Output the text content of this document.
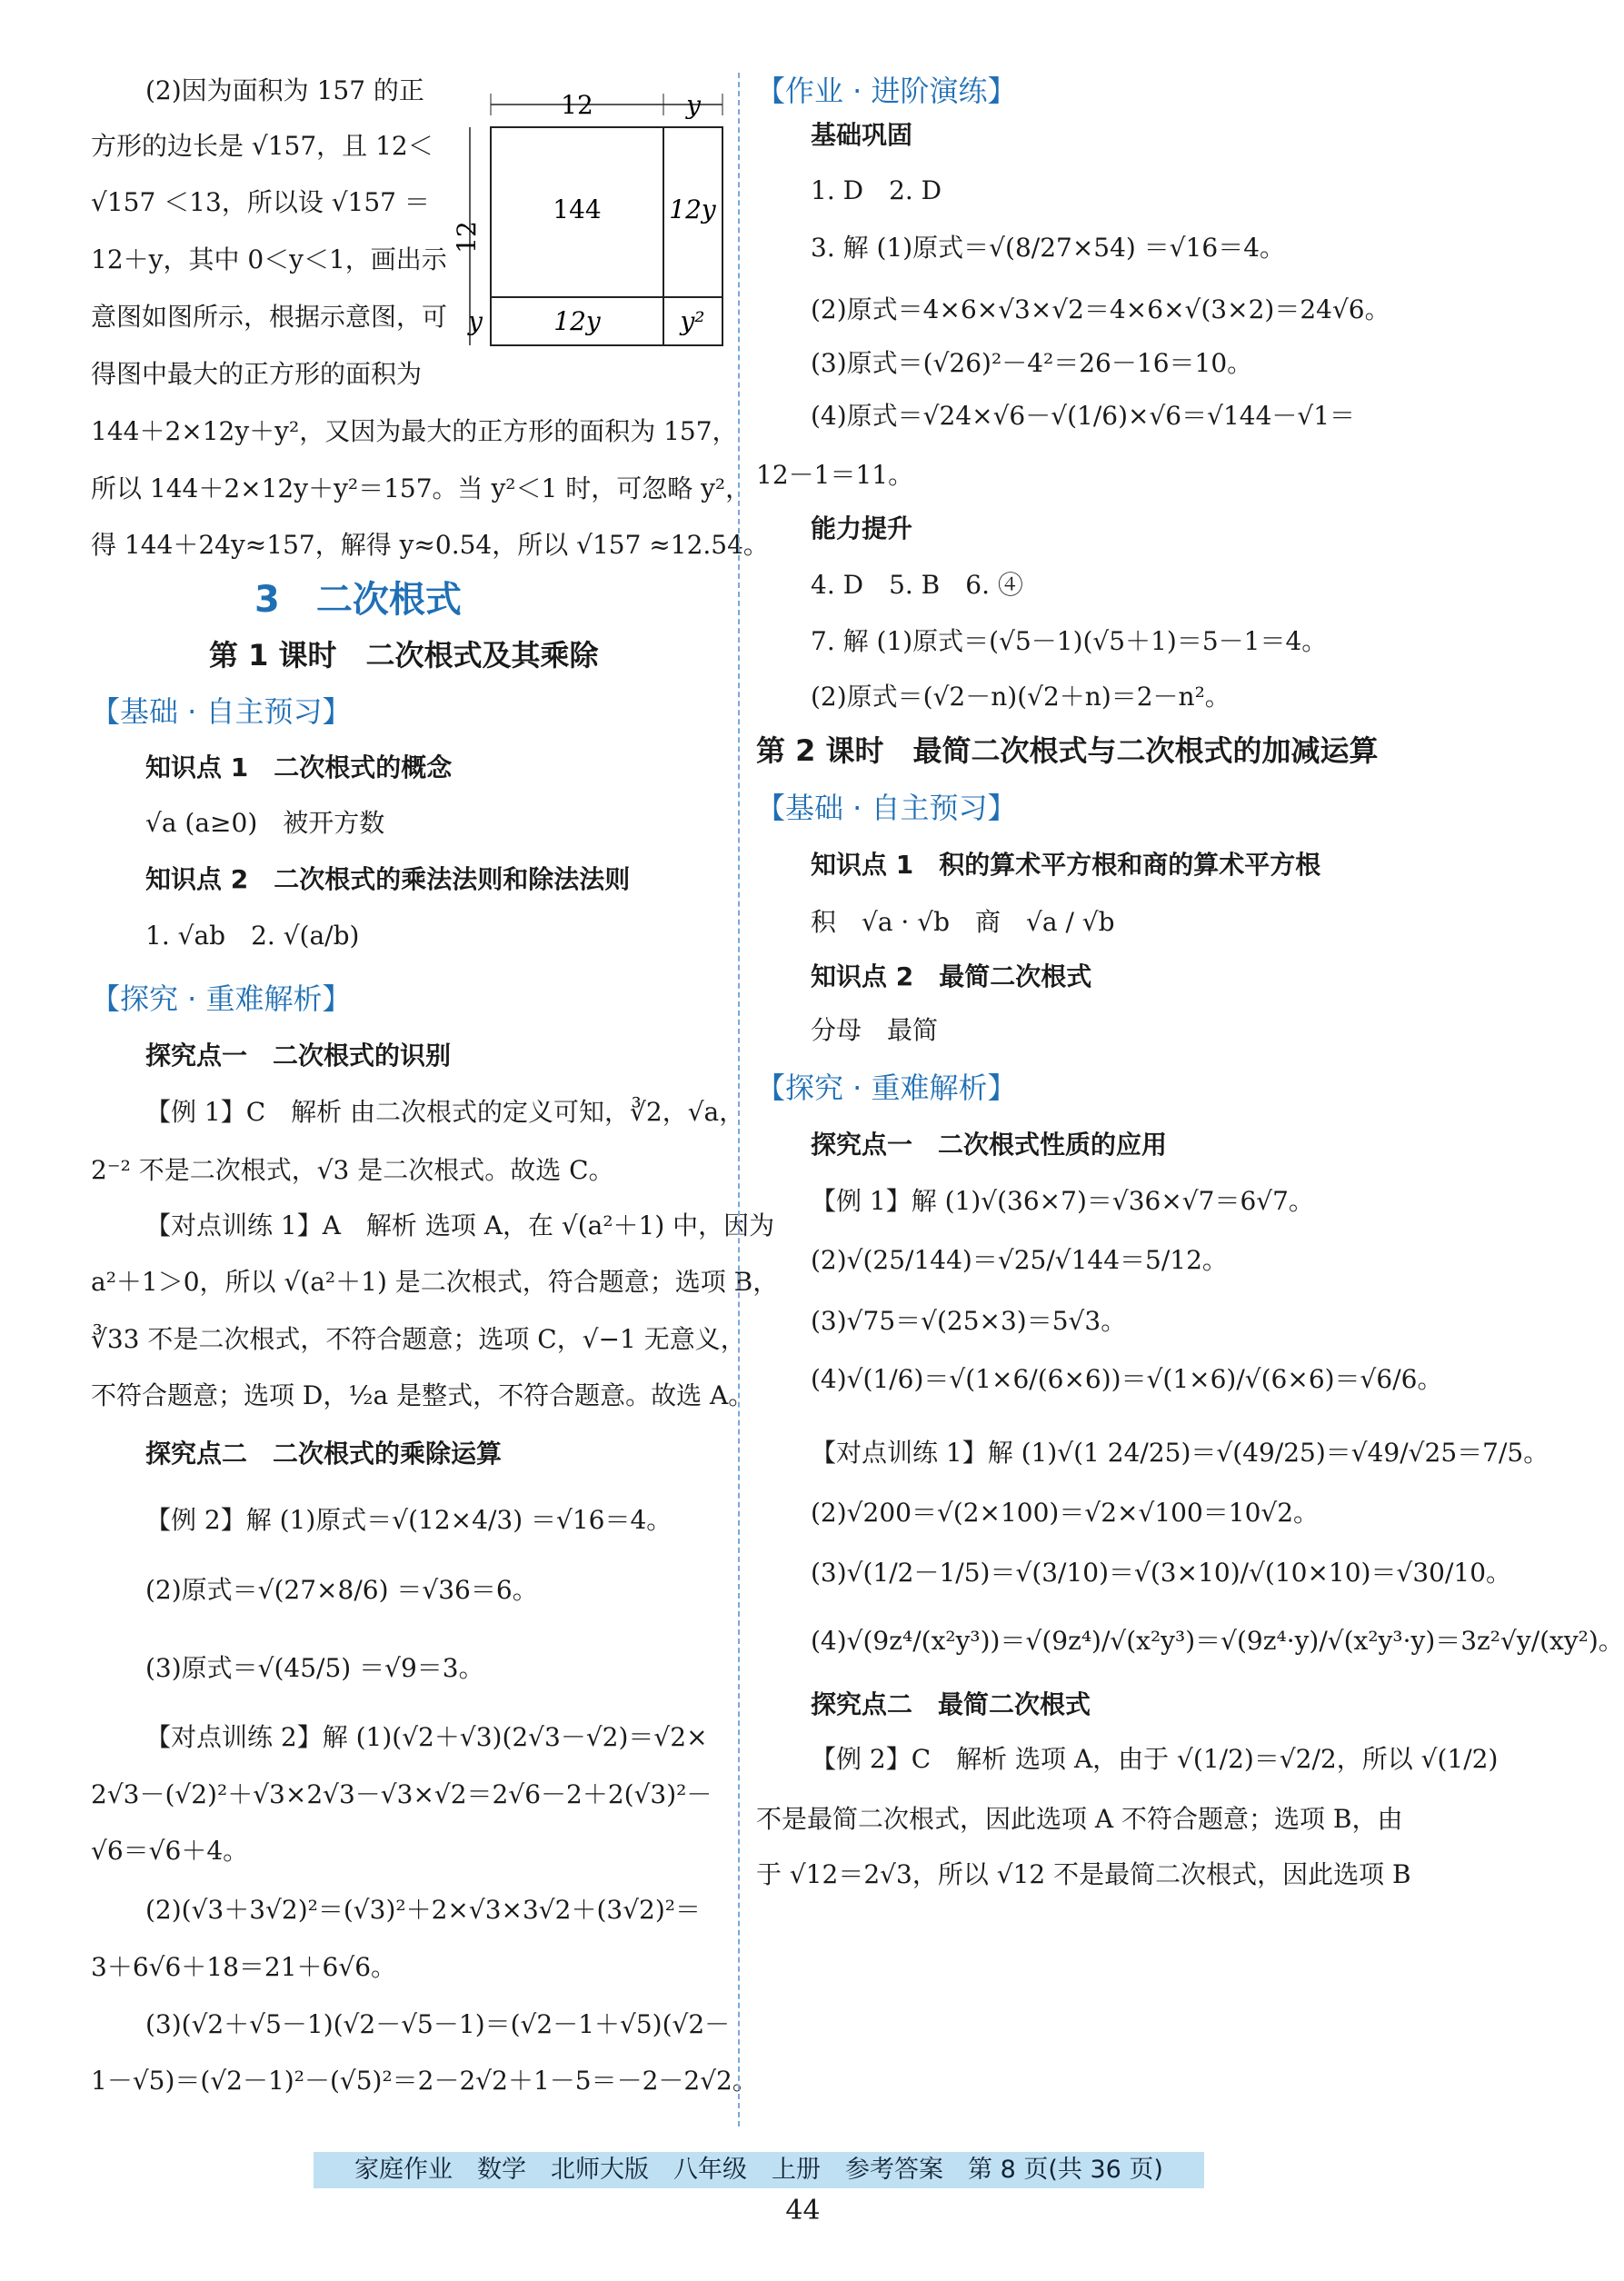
(2)因为面积为 157 的正
方形的边长是 √157，且 12＜
√157 ＜13，所以设 √157 ＝
12＋y，其中 0＜y＜1，画出示
意图如图所示，根据示意图，可
得图中最大的正方形的面积为
144＋2×12y＋y²，又因为最大的正方形的面积为 157，
所以 144＋2×12y＋y²＝157。当 y²＜1 时，可忽略 y²，
得 144＋24y≈157，解得 y≈0.54，所以 √157 ≈12.54。
3　二次根式
第 1 课时　二次根式及其乘除
【基础 · 自主预习】
知识点 1　二次根式的概念
√a (a≥0)　被开方数
知识点 2　二次根式的乘法法则和除法法则
1. √ab　2. √(a/b)
【探究 · 重难解析】
探究点一　二次根式的识别
【例 1】C　解析 由二次根式的定义可知，∛2，√a，
2⁻² 不是二次根式，√3 是二次根式。故选 C。
【对点训练 1】A　解析 选项 A，在 √(a²＋1) 中，因为
a²＋1＞0，所以 √(a²＋1) 是二次根式，符合题意；选项 B，
∛33 不是二次根式，不符合题意；选项 C，√−1 无意义，
不符合题意；选项 D，½a 是整式，不符合题意。故选 A。
探究点二　二次根式的乘除运算
【例 2】解 (1)原式＝√(12×4/3) ＝√16＝4。
(2)原式＝√(27×8/6) ＝√36＝6。
(3)原式＝√(45/5) ＝√9＝3。
【对点训练 2】解 (1)(√2＋√3)(2√3－√2)＝√2×
2√3－(√2)²＋√3×2√3－√3×√2＝2√6－2＋2(√3)²－
√6＝√6＋4。
(2)(√3＋3√2)²＝(√3)²＋2×√3×3√2＋(3√2)²＝
3＋6√6＋18＝21＋6√6。
(3)(√2＋√5－1)(√2－√5－1)＝(√2－1＋√5)(√2－
1－√5)＝(√2－1)²－(√5)²＝2－2√2＋1－5＝－2－2√2。
【作业 · 进阶演练】
基础巩固
1. D　2. D
3. 解 (1)原式＝√(8/27×54) ＝√16＝4。
(2)原式＝4×6×√3×√2＝4×6×√(3×2)＝24√6。
(3)原式＝(√26)²－4²＝26－16＝10。
(4)原式＝√24×√6－√(1/6)×√6＝√144－√1＝
12－1＝11。
能力提升
4. D　5. B　6. ④
7. 解 (1)原式＝(√5－1)(√5＋1)＝5－1＝4。
(2)原式＝(√2－n)(√2＋n)＝2－n²。
第 2 课时　最简二次根式与二次根式的加减运算
【基础 · 自主预习】
知识点 1　积的算术平方根和商的算术平方根
积　√a · √b　商　√a / √b
知识点 2　最简二次根式
分母　最简
【探究 · 重难解析】
探究点一　二次根式性质的应用
【例 1】解 (1)√(36×7)＝√36×√7＝6√7。
(2)√(25/144)＝√25/√144＝5/12。
(3)√75＝√(25×3)＝5√3。
(4)√(1/6)＝√(1×6/(6×6))＝√(1×6)/√(6×6)＝√6/6。
【对点训练 1】解 (1)√(1 24/25)＝√(49/25)＝√49/√25＝7/5。
(2)√200＝√(2×100)＝√2×√100＝10√2。
(3)√(1/2－1/5)＝√(3/10)＝√(3×10)/√(10×10)＝√30/10。
(4)√(9z⁴/(x²y³))＝√(9z⁴)/√(x²y³)＝√(9z⁴·y)/√(x²y³·y)＝3z²√y/(xy²)。
探究点二　最简二次根式
【例 2】C　解析 选项 A，由于 √(1/2)＝√2/2，所以 √(1/2)
不是最简二次根式，因此选项 A 不符合题意；选项 B，由
于 √12＝2√3，所以 √12 不是最简二次根式，因此选项 B
12	y
12
144	12y
12y	y²
y
家庭作业　数学　北师大版　八年级　上册　参考答案　第 8 页(共 36 页)
44
